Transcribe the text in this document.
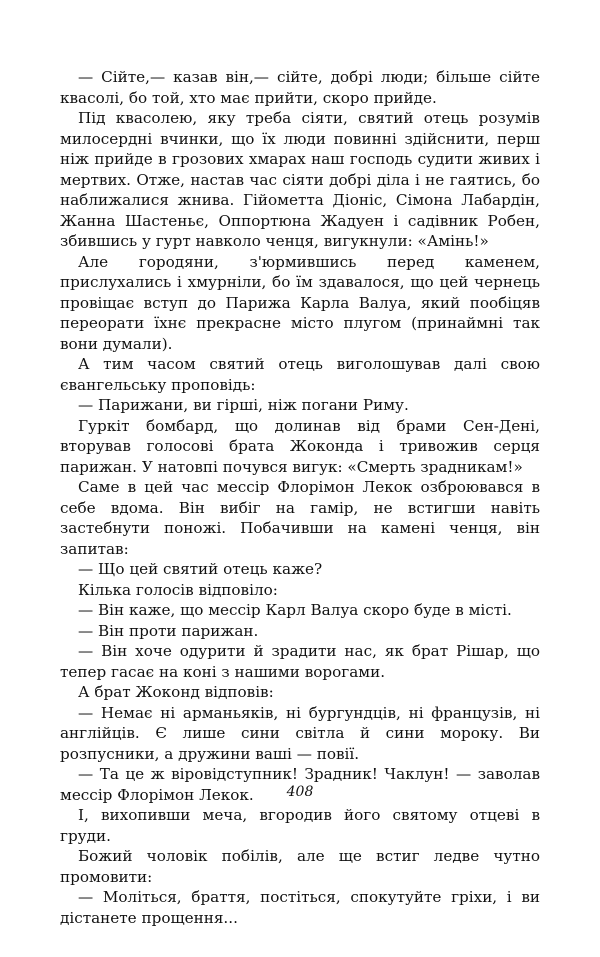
— Сійте,— казав він,— сійте, добрі люди; більше сійте квасолі, бо той, хто має прийти, скоро прийде.

Під квасолею, яку треба сіяти, святий отець розумів милосердні вчинки, що їх люди повинні здійснити, перш ніж прийде в грозових хмарах наш господь судити живих і мертвих. Отже, настав час сіяти добрі діла і не гаятись, бо наближалися жнива. Гійометта Діоніс, Сімона Лабардін, Жанна Шастеньє, Оппортюна Жадуен і садівник Робен, збившись у гурт навколо ченця, вигукнули: «Амінь!»

Але городяни, з'юрмившись перед каменем, прислухались і хмурніли, бо їм здавалося, що цей чернець провіщає вступ до Парижа Карла Валуа, який пообіцяв переорати їхнє прекрасне місто плугом (принаймні так вони думали).

А тим часом святий отець виголошував далі свою євангельську проповідь:

— Парижани, ви гірші, ніж погани Риму.

Гуркіт бомбард, що долинав від брами Сен-Дені, вторував голосові брата Жоконда і тривожив серця парижан. У натовпі почувся вигук: «Смерть зрадникам!»

Саме в цей час мессір Флорімон Лекок озброювався в себе вдома. Він вибіг на гамір, не встигши навіть застебнути поножі. Побачивши на камені ченця, він запитав:

— Що цей святий отець каже?

Кілька голосів відповіло:

— Він каже, що мессір Карл Валуа скоро буде в місті.

— Він проти парижан.

— Він хоче одурити й зрадити нас, як брат Рішар, що тепер гасає на коні з нашими ворогами.

А брат Жоконд відповів:

— Немає ні арманьяків, ні бургундців, ні французів, ні англійців. Є лише сини світла й сини мороку. Ви розпусники, а дружини ваші — повії.

— Та це ж віровідступник! Зрадник! Чаклун! — заволав мессір Флорімон Лекок.

І, вихопивши меча, вгородив його святому отцеві в груди.

Божий чоловік побілів, але ще встиг ледве чутно промовити:

— Моліться, браття, постіться, спокутуйте гріхи, і ви дістанете прощення...

408
